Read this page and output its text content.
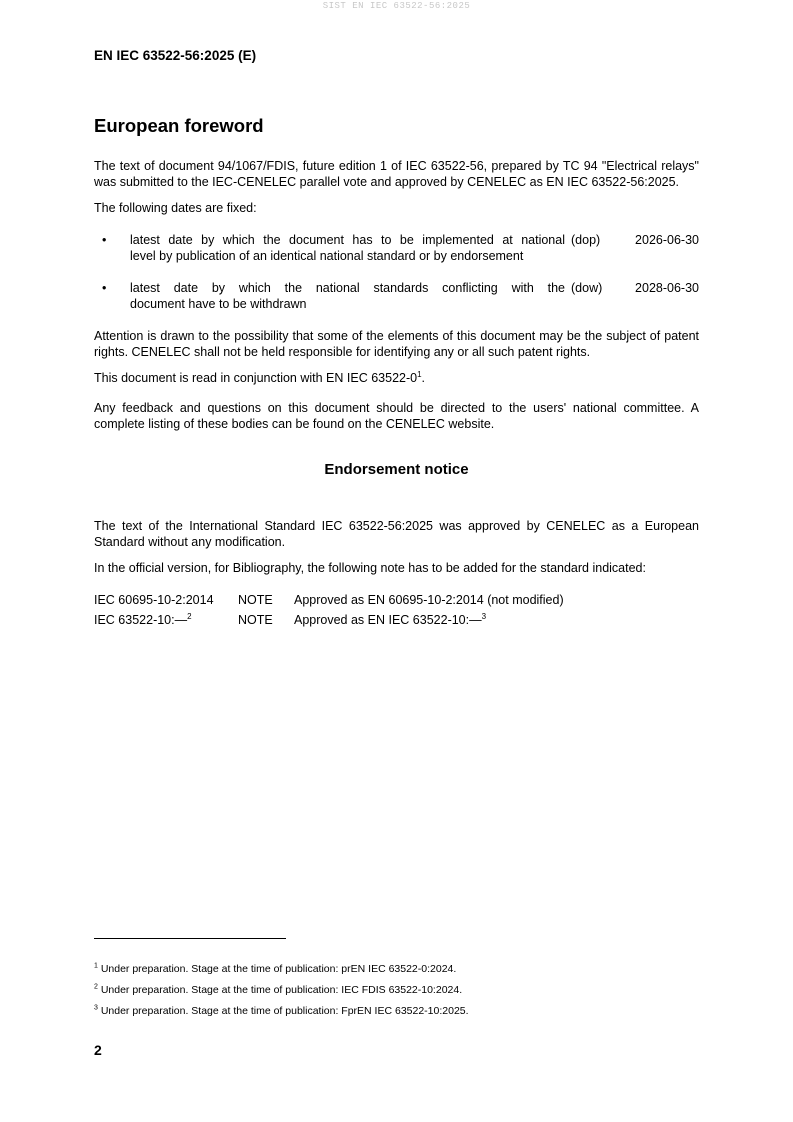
SIST EN IEC 63522-56:2025
EN IEC 63522-56:2025 (E)
European foreword

The text of document 94/1067/FDIS, future edition 1 of IEC 63522-56, prepared by TC 94 "Electrical relays" was submitted to the IEC-CENELEC parallel vote and approved by CENELEC as EN IEC 63522-56:2025.

The following dates are fixed:

•	latest date by which the document has to be implemented at national
level by publication of an identical national standard or by endorsement
(dop)	2026-06-30
•	latest date by which the national standards conflicting with the
document have to be withdrawn
(dow)	2028-06-30

Attention is drawn to the possibility that some of the elements of this document may be the subject of patent rights. CENELEC shall not be held responsible for identifying any or all such patent rights.

This document is read in conjunction with EN IEC $63522-0^1$.

Any feedback and questions on this document should be directed to the users' national committee. A complete listing of these bodies can be found on the CENELEC website.

Endorsement notice

The text of the International Standard IEC 63522-56:2025 was approved by CENELEC as a European Standard without any modification.

In the official version, for Bibliography, the following note has to be added for the standard indicated:

IEC 60695-10-2:2014	NOTE	Approved as EN 60695-10-2:2014 (not modified)
IEC 63522-10:—$^2$	NOTE	Approved as EN IEC 63522-10:—$^3$
$^1$ Under preparation. Stage at the time of publication: prEN IEC 63522-0:2024.
$^2$ Under preparation. Stage at the time of publication: IEC FDIS 63522-10:2024.
$^3$ Under preparation. Stage at the time of publication: FprEN IEC 63522-10:2025.
2
